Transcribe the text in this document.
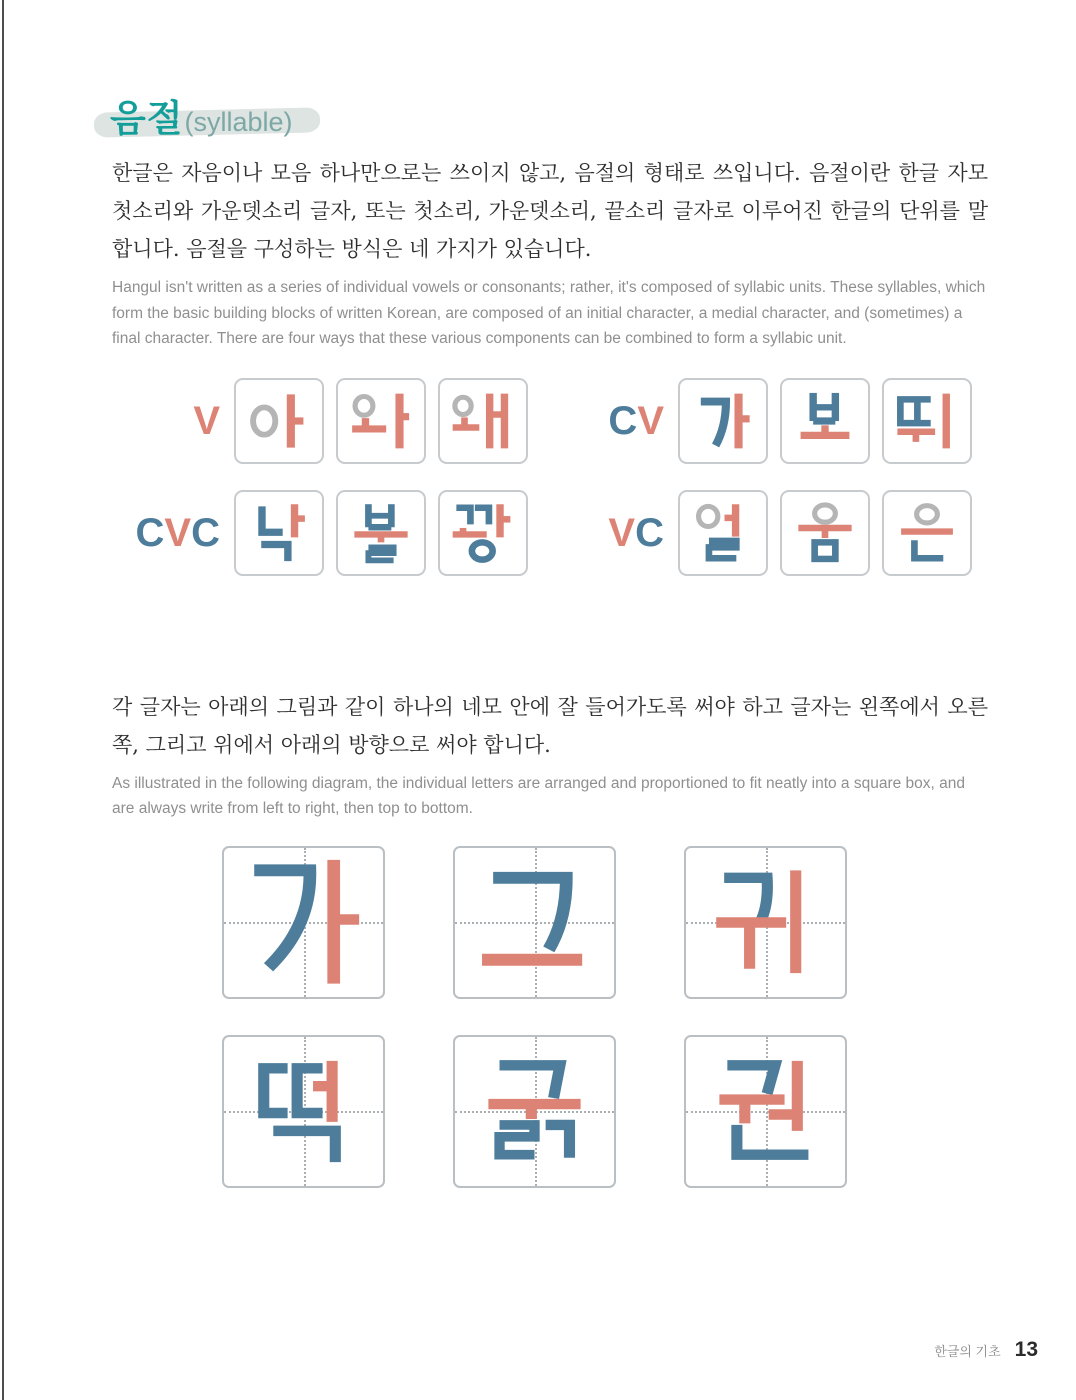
음절(syllable)

한글은 자음이나 모음 하나만으로는 쓰이지 않고, 음절의 형태로 쓰입니다. 음절이란 한글 자모 첫소리와 가운뎃소리 글자, 또는 첫소리, 가운뎃소리, 끝소리 글자로 이루어진 한글의 단위를 말합니다. 음절을 구성하는 방식은 네 가지가 있습니다.

Hangul isn't written as a series of individual vowels or consonants; rather, it's composed of syllabic units. These syllables, which form the basic building blocks of written Korean, are composed of an initial character, a medial character, and (sometimes) a final character. There are four ways that these various components can be combined to form a syllabic unit.

V	CV
CVC	VC

각 글자는 아래의 그림과 같이 하나의 네모 안에 잘 들어가도록 써야 하고 글자는 왼쪽에서 오른쪽, 그리고 위에서 아래의 방향으로 써야 합니다.

As illustrated in the following diagram, the individual letters are arranged and proportioned to fit neatly into a square box, and are always write from left to right, then top to bottom.

한글의 기초 13
